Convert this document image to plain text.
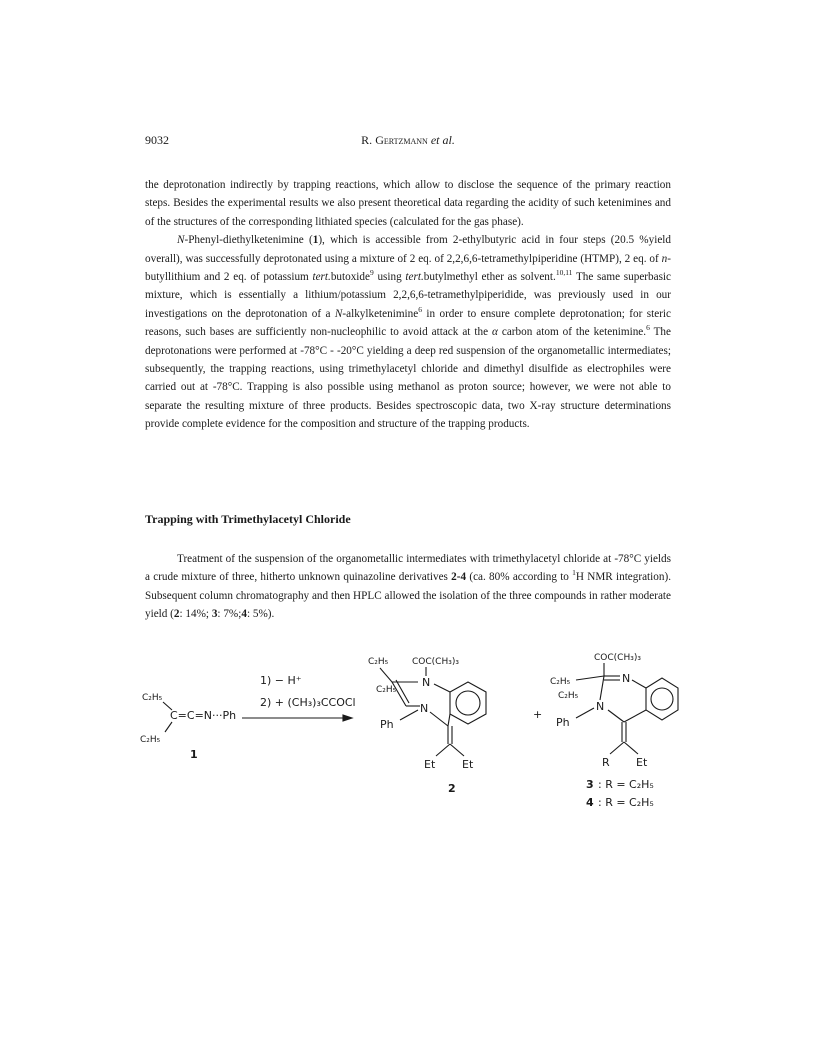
9032	R. Gertzmann et al.

the deprotonation indirectly by trapping reactions, which allow to disclose the sequence of the primary reaction steps. Besides the experimental results we also present theoretical data regarding the acidity of such ketenimines and of the structures of the corresponding lithiated species (calculated for the gas phase).

N-Phenyl-diethylketenimine (1), which is accessible from 2-ethylbutyric acid in four steps (20.5 %yield overall), was successfully deprotonated using a mixture of 2 eq. of 2,2,6,6-tetramethylpiperidine (HTMP), 2 eq. of n-butyllithium and 2 eq. of potassium tert.butoxide$^9$ using tert.butylmethyl ether as solvent.$^{10,11}$ The same superbasic mixture, which is essentially a lithium/potassium 2,2,6,6-tetramethylpiperidide, was previously used in our investigations on the deprotonation of a N-alkylketenimine$^6$ in order to ensure complete deprotonation; for steric reasons, such bases are sufficiently non-nucleophilic to avoid attack at the α carbon atom of the ketenimine.$^6$ The deprotonations were performed at -78°C - -20°C yielding a deep red suspension of the organometallic intermediates; subsequently, the trapping reactions, using trimethylacetyl chloride and dimethyl disulfide as electrophiles were carried out at -78°C. Trapping is also possible using methanol as proton source; however, we were not able to separate the resulting mixture of three products. Besides spectroscopic data, two X-ray structure determinations provide complete evidence for the composition and structure of the trapping products.

Trapping with Trimethylacetyl Chloride

Treatment of the suspension of the organometallic intermediates with trimethylacetyl chloride at -78°C yields a crude mixture of three, hitherto unknown quinazoline derivatives 2-4 (ca. 80% according to $^1$H NMR integration). Subsequent column chromatography and then HPLC allowed the isolation of the three compounds in rather moderate yield (2: 14%; 3: 7%;4: 5%).

C₂H₅
C=C=N···Ph
C₂H₅
1
1) − H⁺
2) + (CH₃)₃CCOCl
C₂H₅	COC(CH₃)₃
N
C₂H₅
N
Ph
Et Et
2
+
COC(CH₃)₃
C₂H₅
C₂H₅
N
N
Ph
R Et
3 : R = C₂H₅
4 : R = C₂H₅
